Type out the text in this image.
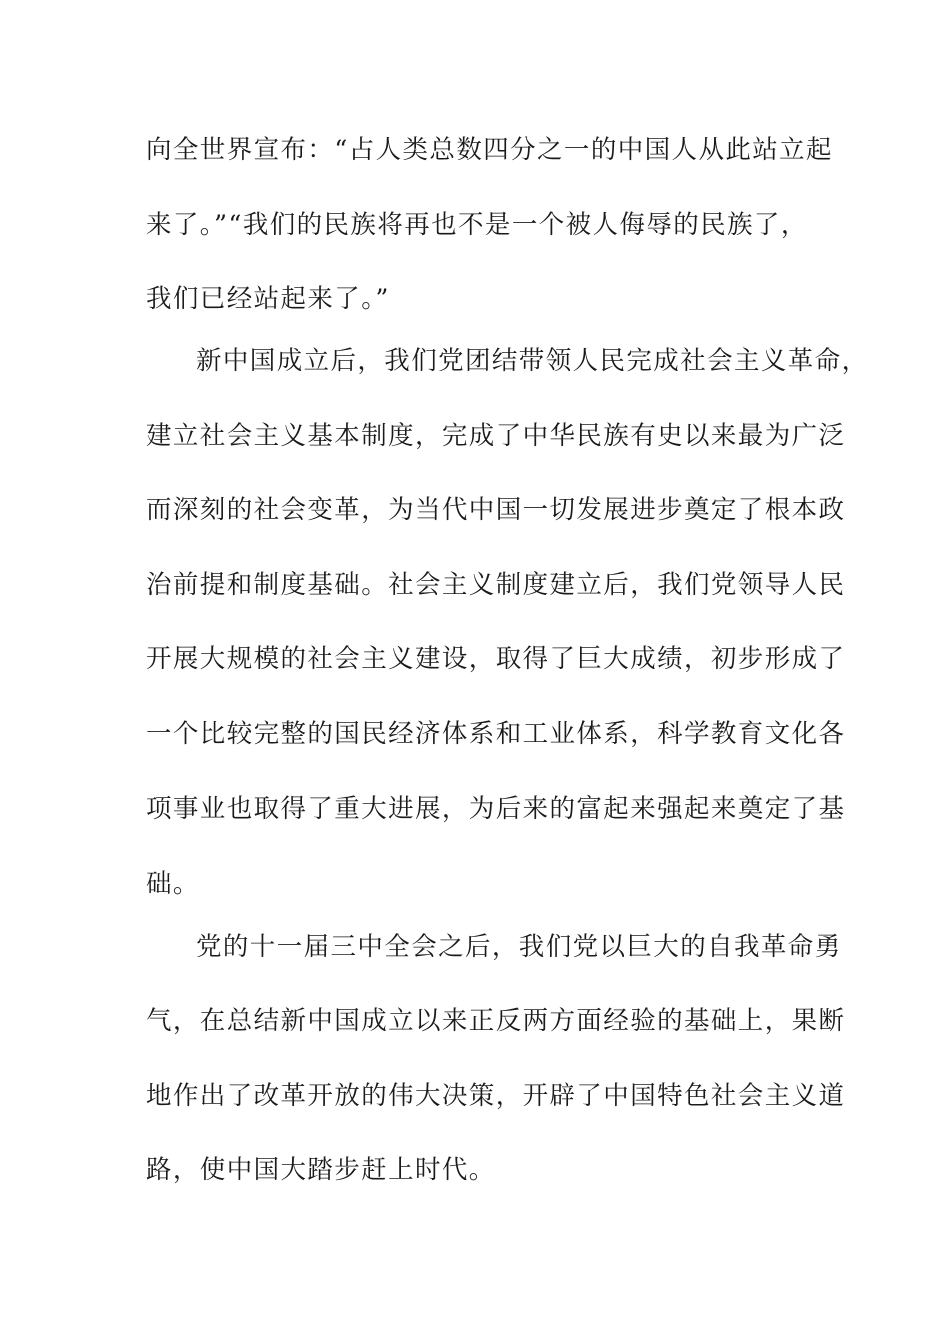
向全世界宣布：“占人类总数四分之一的中国人从此站立起
来了。”“我们的民族将再也不是一个被人侮辱的民族了，
我们已经站起来了。”
新中国成立后，我们党团结带领人民完成社会主义革命，
建立社会主义基本制度，完成了中华民族有史以来最为广泛
而深刻的社会变革，为当代中国一切发展进步奠定了根本政
治前提和制度基础。社会主义制度建立后，我们党领导人民
开展大规模的社会主义建设，取得了巨大成绩，初步形成了
一个比较完整的国民经济体系和工业体系，科学教育文化各
项事业也取得了重大进展，为后来的富起来强起来奠定了基
础。
党的十一届三中全会之后，我们党以巨大的自我革命勇
气，在总结新中国成立以来正反两方面经验的基础上，果断
地作出了改革开放的伟大决策，开辟了中国特色社会主义道
路，使中国大踏步赶上时代。
